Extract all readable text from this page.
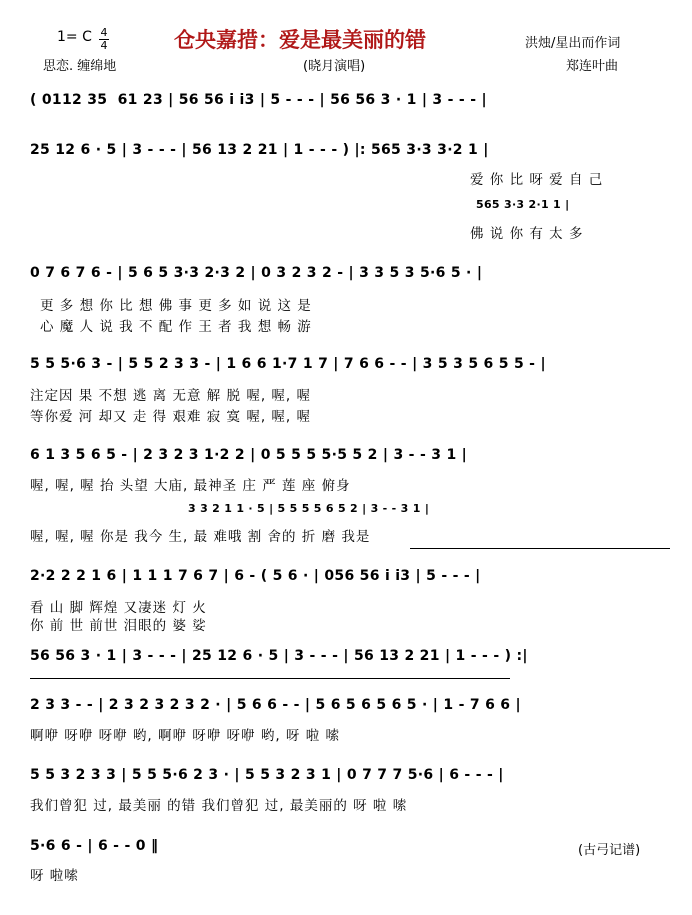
1= C 4
4	仓央嘉措：爱是最美丽的错	洪烛/星出而作词
思恋. 缠绵地	(晓月演唱)	郑连叶曲
( 0112 35  61 23 | 56 56 i i3 | 5 - - - | 56 56 3 · 1 | 3 - - - |
25 12 6 · 5 | 3 - - - | 56 13 2 21 | 1 - - - ) |: 565 3·3 3·2 1 |
爱 你 比 呀 爱 自 己
565 3·3 2·1 1 |
佛 说 你 有 太 多
0 7 6 7 6 - | 5 6 5 3·3 2·3 2 | 0 3 2 3 2 - | 3 3 5 3 5·6 5 · |
更 多 想 你 比 想 佛 事 更 多 如 说 这 是
心 魔 人 说 我 不 配 作 王 者 我 想 畅 游
5 5 5·6 3 - | 5 5 2 3 3 - | 1 6 6 1·7 1 7 | 7 6 6 - - | 3 5 3 5 6 5 5 - |
注定因 果 不想 逃 离 无意 解 脱 喔, 喔, 喔
等你爱 河 却又 走 得 艰难 寂 寞 喔, 喔, 喔
6 1 3 5 6 5 - | 2 3 2 3 1·2 2 | 0 5 5 5 5·5 5 2 | 3 - - 3 1 |
喔, 喔, 喔 抬 头望 大庙, 最神圣 庄 严 莲 座 俯身
3 3 2 1 1 · 5 | 5 5 5 5 6 5 2 | 3 - - 3 1 |
喔, 喔, 喔 你是 我今 生, 最 难哦 割 舍的 折 磨 我是
2·2 2 2 1 6 | 1 1 1 7 6 7 | 6 - ( 5 6 · | 056 56 i i3 | 5 - - - |
看 山 脚 辉煌 又凄迷 灯 火
你 前 世 前世 泪眼的 婆 娑
56 56 3 · 1 | 3 - - - | 25 12 6 · 5 | 3 - - - | 56 13 2 21 | 1 - - - ) :|
2 3 3 - - | 2 3 2 3 2 3 2 · | 5 6 6 - - | 5 6 5 6 5 6 5 · | 1 - 7 6 6 |
啊咿 呀咿 呀咿 哟, 啊咿 呀咿 呀咿 哟, 呀 啦 嗦
5 5 3 2 3 3 | 5 5 5·6 2 3 · | 5 5 3 2 3 1 | 0 7 7 7 5·6 | 6 - - - |
我们曾犯 过, 最美丽 的错 我们曾犯 过, 最美丽的 呀 啦 嗦
5·6 6 - | 6 - - 0 ‖
呀 啦嗦
(古弓记谱)
